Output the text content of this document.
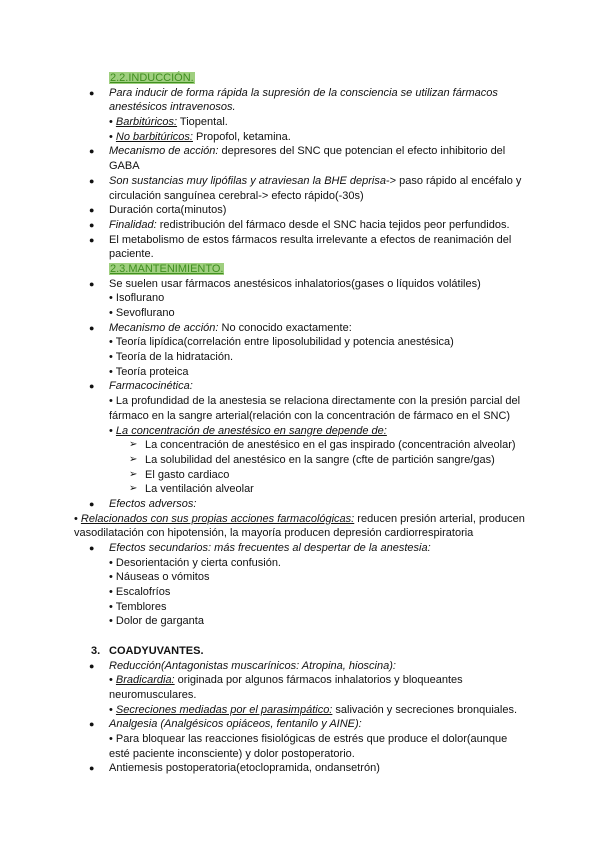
2.2.INDUCCIÓN.
● Para inducir de forma rápida la supresión de la consciencia se utilizan fármacos
anestésicos intravenosos.
• Barbitúricos: Tiopental.
• No barbitúricos: Propofol, ketamina.
● Mecanismo de acción: depresores del SNC que potencian el efecto inhibitorio del
GABA
● Son sustancias muy lipófilas y atraviesan la BHE deprisa-> paso rápido al encéfalo y
circulación sanguínea cerebral-> efecto rápido(-30s)
● Duración corta(minutos)
● Finalidad: redistribución del fármaco desde el SNC hacia tejidos peor perfundidos.
● El metabolismo de estos fármacos resulta irrelevante a efectos de reanimación del
paciente.
2.3.MANTENIMIENTO.
● Se suelen usar fármacos anestésicos inhalatorios(gases o líquidos volátiles)
• Isoflurano
• Sevoflurano
● Mecanismo de acción: No conocido exactamente:
• Teoría lipídica(correlación entre liposolubilidad y potencia anestésica)
• Teoría de la hidratación.
• Teoría proteica
● Farmacocinética:
• La profundidad de la anestesia se relaciona directamente con la presión parcial del
fármaco en la sangre arterial(relación con la concentración de fármaco en el SNC)
• La concentración de anestésico en sangre depende de:
➢ La concentración de anestésico en el gas inspirado (concentración alveolar)
➢ La solubilidad del anestésico en la sangre (cfte de partición sangre/gas)
➢ El gasto cardiaco
➢ La ventilación alveolar
● Efectos adversos:
• Relacionados con sus propias acciones farmacológicas: reducen presión arterial, producen
vasodilatación con hipotensión, la mayoría producen depresión cardiorrespiratoria
● Efectos secundarios: más frecuentes al despertar de la anestesia:
• Desorientación y cierta confusión.
• Náuseas o vómitos
• Escalofríos
• Temblores
• Dolor de garganta
3. COADYUVANTES.
● Reducción(Antagonistas muscarínicos: Atropina, hioscina):
• Bradicardia: originada por algunos fármacos inhalatorios y bloqueantes
neuromusculares.
• Secreciones mediadas por el parasimpático: salivación y secreciones bronquiales.
● Analgesia (Analgésicos opiáceos, fentanilo y AINE):
• Para bloquear las reacciones fisiológicas de estrés que produce el dolor(aunque
esté paciente inconsciente) y dolor postoperatorio.
● Antiemesis postoperatoria(etoclopramida, ondansetrón)
